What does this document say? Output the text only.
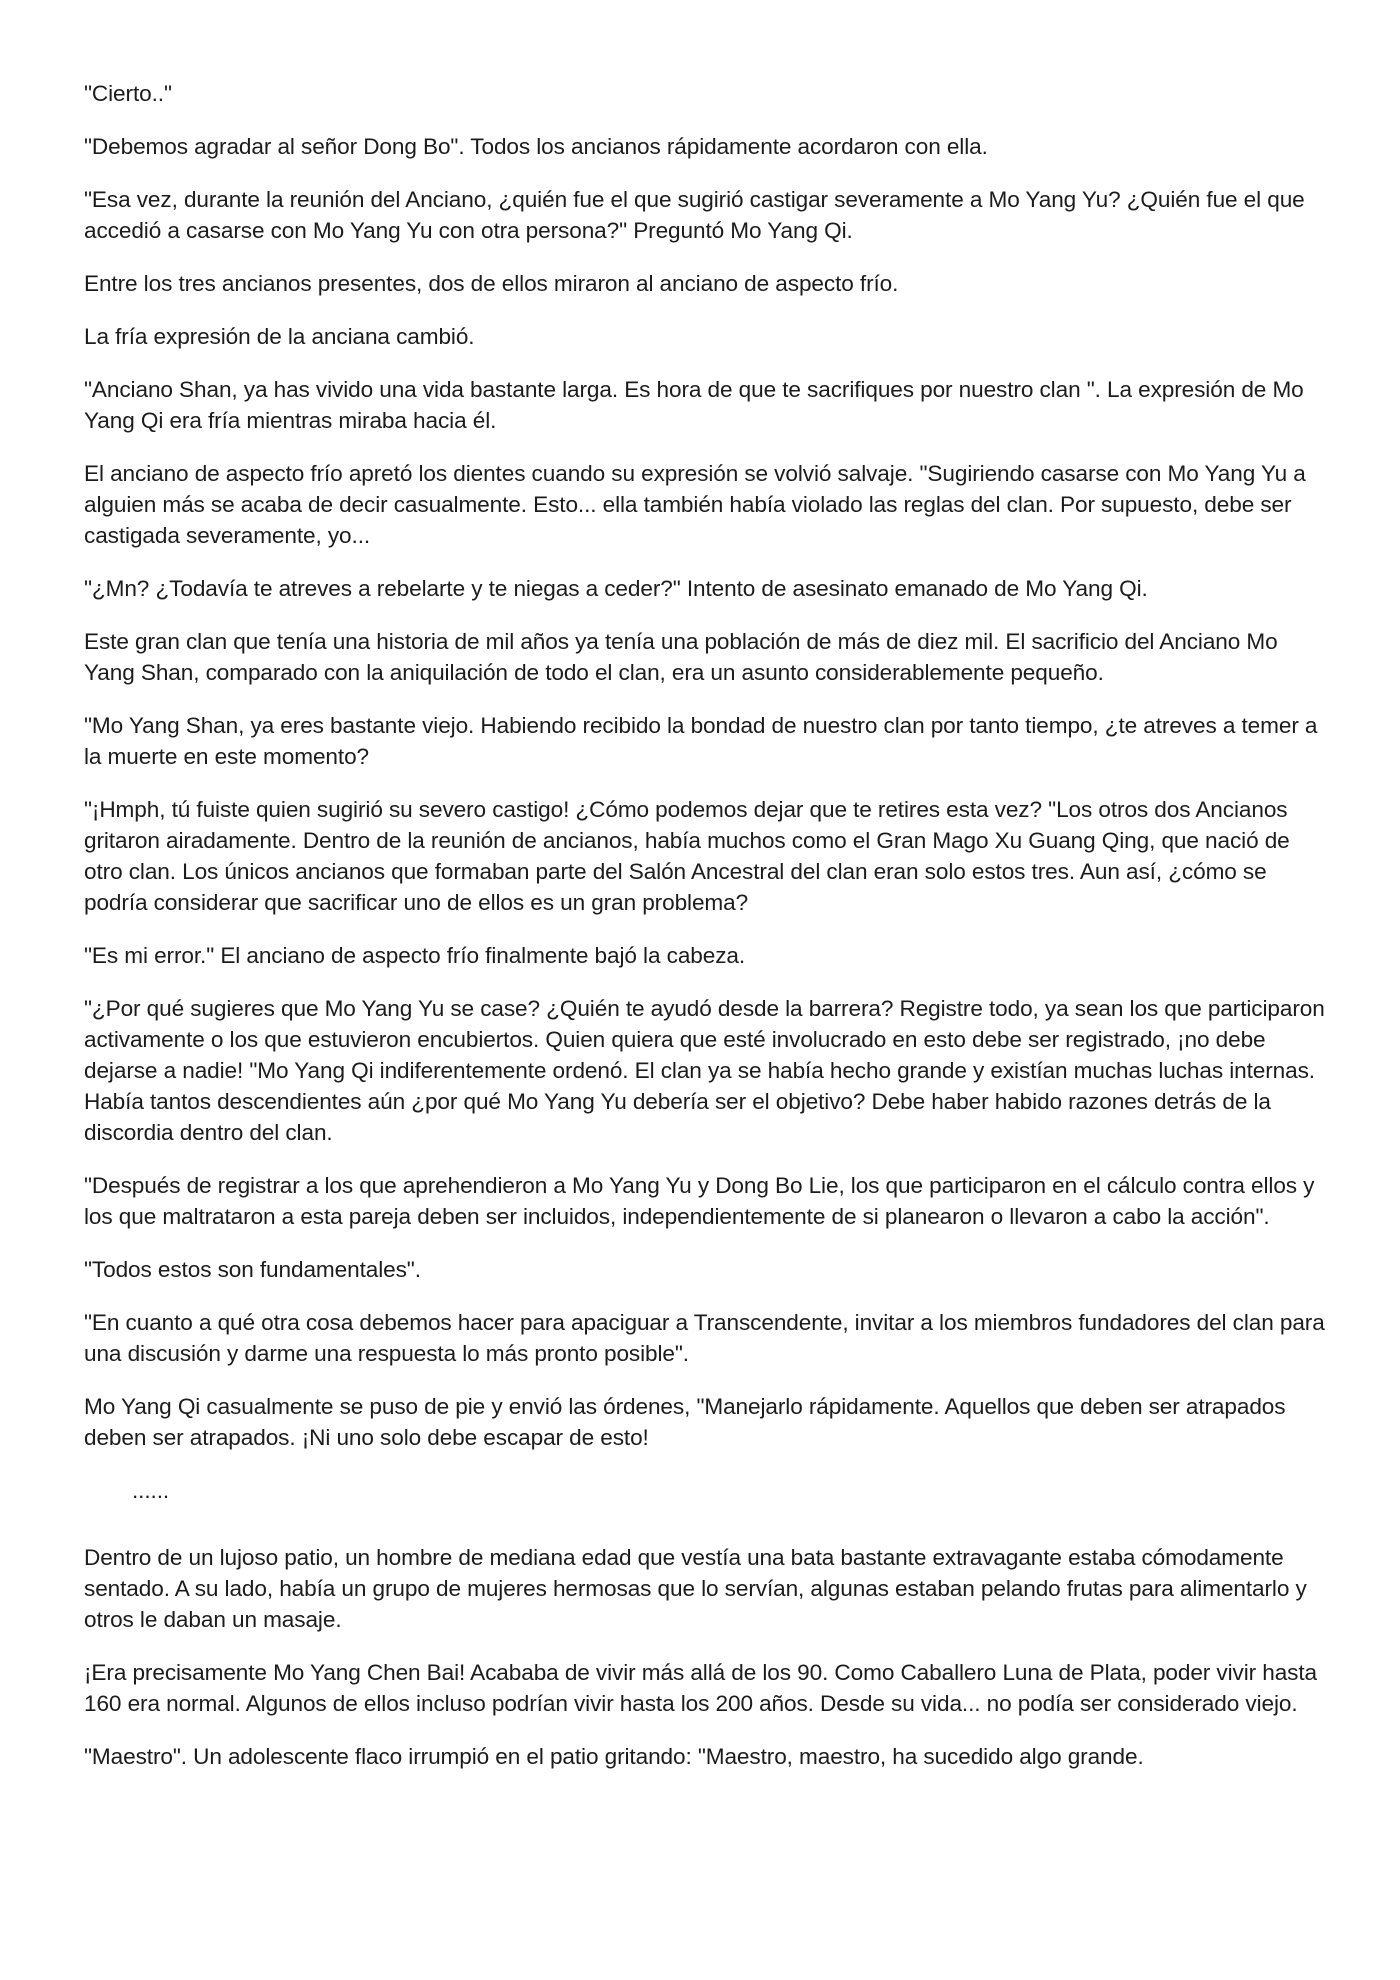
"Cierto.."

"Debemos agradar al señor Dong Bo". Todos los ancianos rápidamente acordaron con ella.

"Esa vez, durante la reunión del Anciano, ¿quién fue el que sugirió castigar severamente a Mo Yang Yu? ¿Quién fue el que accedió a casarse con Mo Yang Yu con otra persona?" Preguntó Mo Yang Qi.

Entre los tres ancianos presentes, dos de ellos miraron al anciano de aspecto frío.

La fría expresión de la anciana cambió.

"Anciano Shan, ya has vivido una vida bastante larga. Es hora de que te sacrifiques por nuestro clan ". La expresión de Mo Yang Qi era fría mientras miraba hacia él.

El anciano de aspecto frío apretó los dientes cuando su expresión se volvió salvaje. "Sugiriendo casarse con Mo Yang Yu a alguien más se acaba de decir casualmente. Esto... ella también había violado las reglas del clan. Por supuesto, debe ser castigada severamente, yo...

"¿Mn? ¿Todavía te atreves a rebelarte y te niegas a ceder?" Intento de asesinato emanado de Mo Yang Qi.

Este gran clan que tenía una historia de mil años ya tenía una población de más de diez mil. El sacrificio del Anciano Mo Yang Shan, comparado con la aniquilación de todo el clan, era un asunto considerablemente pequeño.

"Mo Yang Shan, ya eres bastante viejo. Habiendo recibido la bondad de nuestro clan por tanto tiempo, ¿te atreves a temer a la muerte en este momento?

"¡Hmph, tú fuiste quien sugirió su severo castigo! ¿Cómo podemos dejar que te retires esta vez? "Los otros dos Ancianos gritaron airadamente. Dentro de la reunión de ancianos, había muchos como el Gran Mago Xu Guang Qing, que nació de otro clan. Los únicos ancianos que formaban parte del Salón Ancestral del clan eran solo estos tres. Aun así, ¿cómo se podría considerar que sacrificar uno de ellos es un gran problema?

"Es mi error." El anciano de aspecto frío finalmente bajó la cabeza.

"¿Por qué sugieres que Mo Yang Yu se case? ¿Quién te ayudó desde la barrera? Registre todo, ya sean los que participaron activamente o los que estuvieron encubiertos. Quien quiera que esté involucrado en esto debe ser registrado, ¡no debe dejarse a nadie! "Mo Yang Qi indiferentemente ordenó. El clan ya se había hecho grande y existían muchas luchas internas. Había tantos descendientes aún ¿por qué Mo Yang Yu debería ser el objetivo? Debe haber habido razones detrás de la discordia dentro del clan.

"Después de registrar a los que aprehendieron a Mo Yang Yu y Dong Bo Lie, los que participaron en el cálculo contra ellos y los que maltrataron a esta pareja deben ser incluidos, independientemente de si planearon o llevaron a cabo la acción".

"Todos estos son fundamentales".

"En cuanto a qué otra cosa debemos hacer para apaciguar a Transcendente, invitar a los miembros fundadores del clan para una discusión y darme una respuesta lo más pronto posible".

Mo Yang Qi casualmente se puso de pie y envió las órdenes, "Manejarlo rápidamente. Aquellos que deben ser atrapados deben ser atrapados. ¡Ni uno solo debe escapar de esto!

......

Dentro de un lujoso patio, un hombre de mediana edad que vestía una bata bastante extravagante estaba cómodamente sentado. A su lado, había un grupo de mujeres hermosas que lo servían, algunas estaban pelando frutas para alimentarlo y otros le daban un masaje.

¡Era precisamente Mo Yang Chen Bai! Acababa de vivir más allá de los 90. Como Caballero Luna de Plata, poder vivir hasta 160 era normal. Algunos de ellos incluso podrían vivir hasta los 200 años. Desde su vida... no podía ser considerado viejo.

"Maestro". Un adolescente flaco irrumpió en el patio gritando: "Maestro, maestro, ha sucedido algo grande.
